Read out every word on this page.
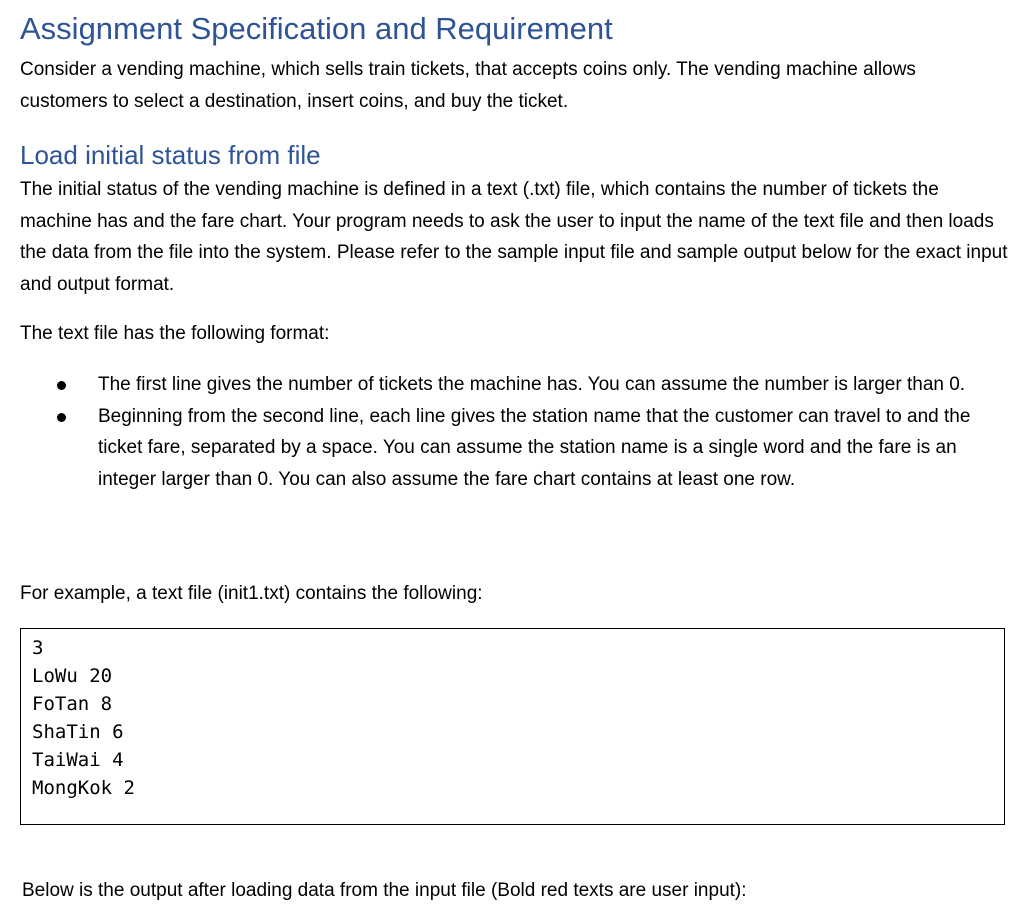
Assignment Specification and Requirement

Consider a vending machine, which sells train tickets, that accepts coins only. The vending machine allows customers to select a destination, insert coins, and buy the ticket.

Load initial status from file

The initial status of the vending machine is defined in a text (.txt) file, which contains the number of tickets the machine has and the fare chart. Your program needs to ask the user to input the name of the text file and then loads the data from the file into the system. Please refer to the sample input file and sample output below for the exact input and output format.

The text file has the following format:

The first line gives the number of tickets the machine has. You can assume the number is larger than 0.
Beginning from the second line, each line gives the station name that the customer can travel to and the ticket fare, separated by a space. You can assume the station name is a single word and the fare is an integer larger than 0. You can also assume the fare chart contains at least one row.

For example, a text file (init1.txt) contains the following:

3
LoWu 20
FoTan 8
ShaTin 6
TaiWai 4
MongKok 2

Below is the output after loading data from the input file (Bold red texts are user input):
